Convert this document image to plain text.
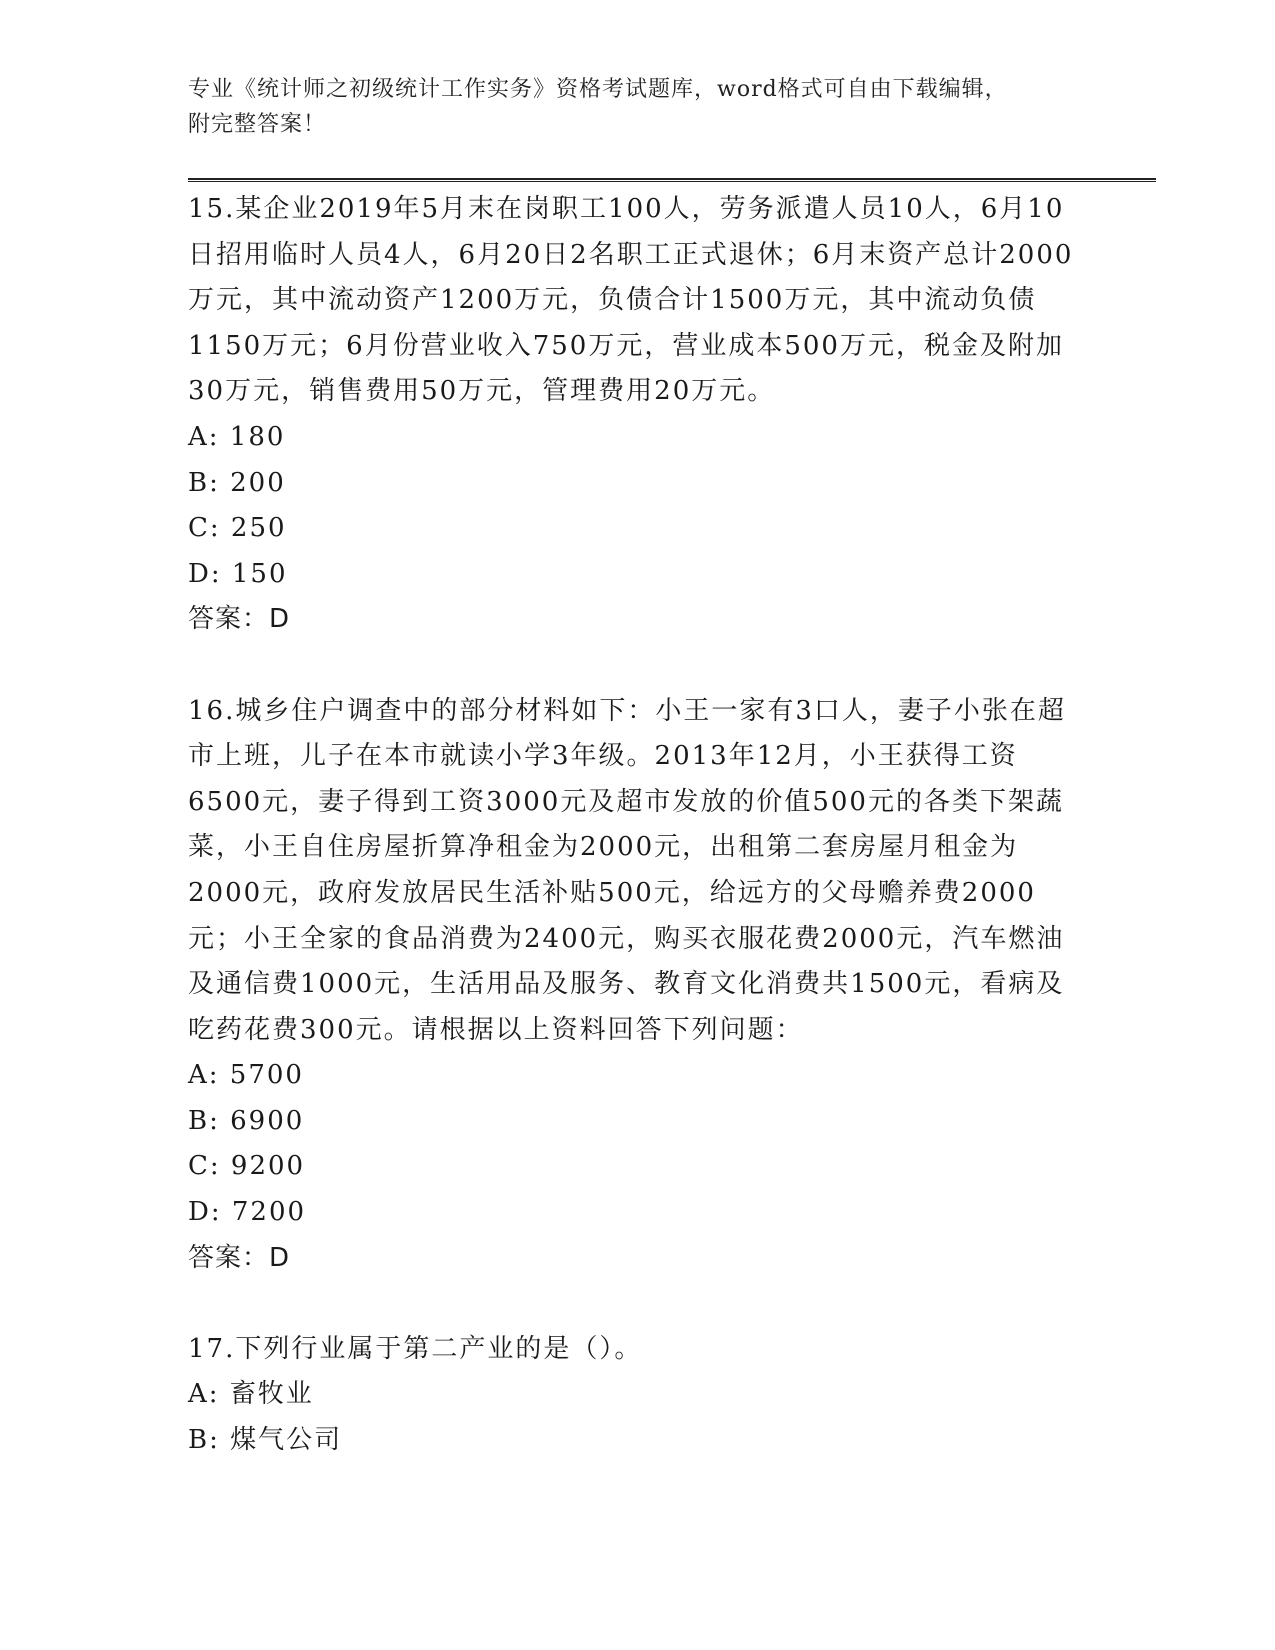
专业《统计师之初级统计工作实务》资格考试题库，word格式可自由下载编辑，
附完整答案！

15.某企业2019年5月末在岗职工100人，劳务派遣人员10人，6月10日招用临时人员4人，6月20日2名职工正式退休；6月末资产总计2000万元，其中流动资产1200万元，负债合计1500万元，其中流动负债1150万元；6月份营业收入750万元，营业成本500万元，税金及附加30万元，销售费用50万元，管理费用20万元。

A: 180

B: 200

C: 250

D: 150

答案：D

16.城乡住户调查中的部分材料如下：小王一家有3口人，妻子小张在超市上班，儿子在本市就读小学3年级。2013年12月，小王获得工资6500元，妻子得到工资3000元及超市发放的价值500元的各类下架蔬菜，小王自住房屋折算净租金为2000元，出租第二套房屋月租金为2000元，政府发放居民生活补贴500元，给远方的父母赡养费2000元；小王全家的食品消费为2400元，购买衣服花费2000元，汽车燃油及通信费1000元，生活用品及服务、教育文化消费共1500元，看病及吃药花费300元。请根据以上资料回答下列问题：

A: 5700

B: 6900

C: 9200

D: 7200

答案：D

17.下列行业属于第二产业的是（）。

A: 畜牧业

B: 煤气公司
